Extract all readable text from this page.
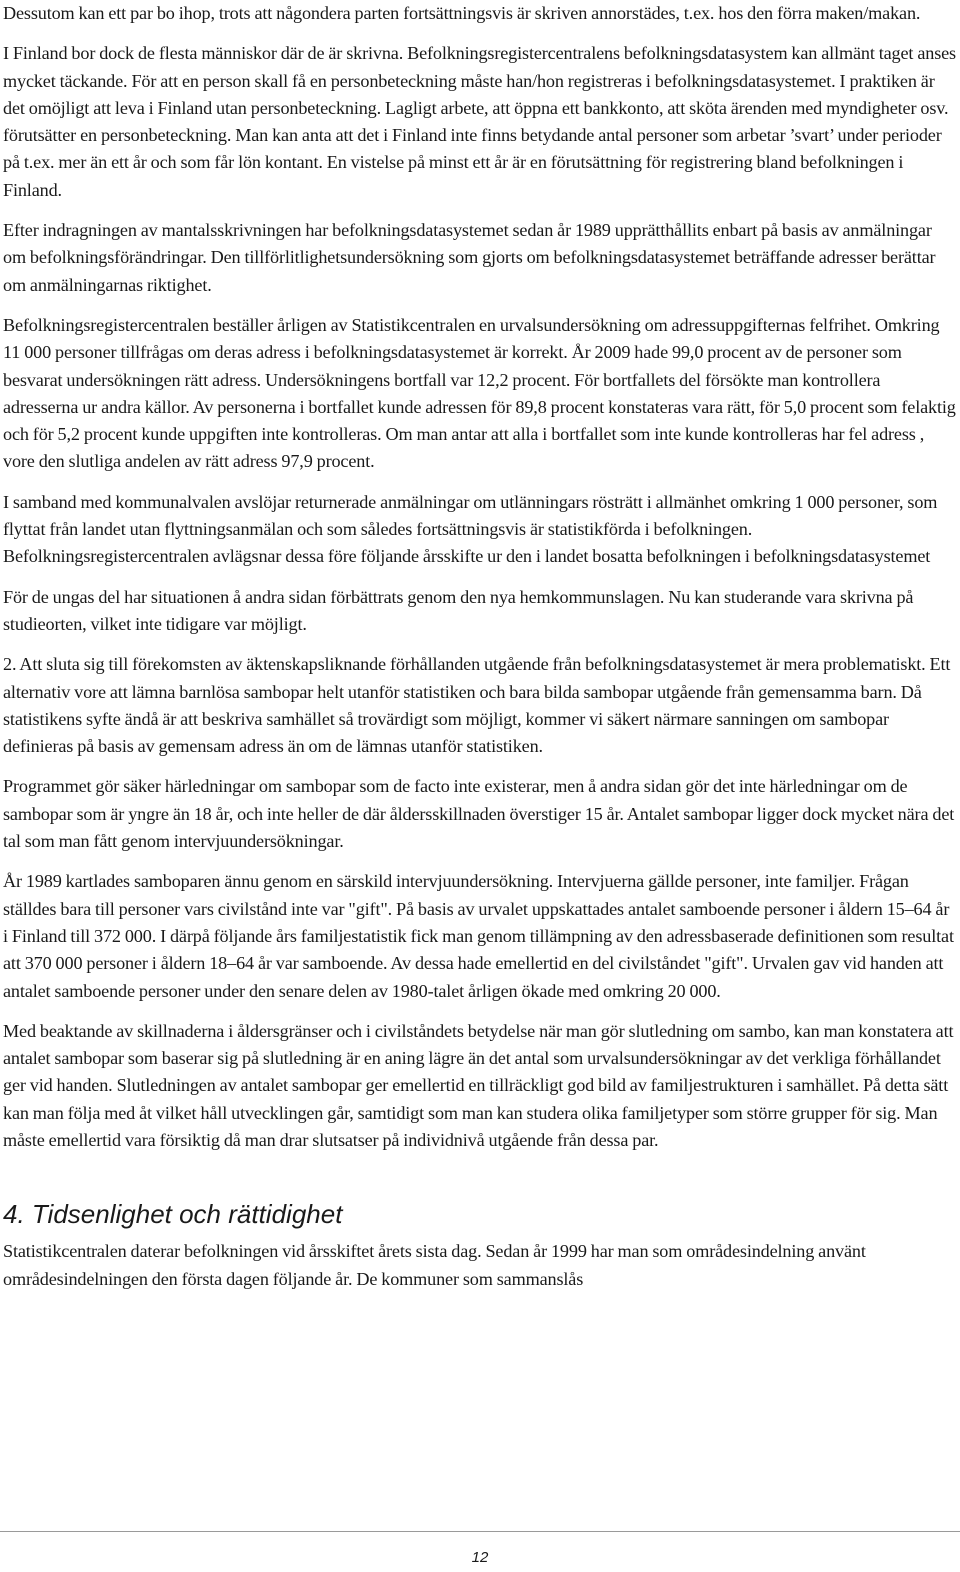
Dessutom kan ett par bo ihop, trots att någondera parten fortsättningsvis är skriven annorstädes, t.ex. hos den förra maken/makan.

I Finland bor dock de flesta människor där de är skrivna. Befolkningsregistercentralens befolkningsdatasystem kan allmänt taget anses mycket täckande. För att en person skall få en personbeteckning måste han/hon registreras i befolkningsdatasystemet. I praktiken är det omöjligt att leva i Finland utan personbeteckning. Lagligt arbete, att öppna ett bankkonto, att sköta ärenden med myndigheter osv. förutsätter en personbeteckning. Man kan anta att det i Finland inte finns betydande antal personer som arbetar ’svart’ under perioder på t.ex. mer än ett år och som får lön kontant. En vistelse på minst ett år är en förutsättning för registrering bland befolkningen i Finland.

Efter indragningen av mantalsskrivningen har befolkningsdatasystemet sedan år 1989 upprätthållits enbart på basis av anmälningar om befolkningsförändringar. Den tillförlitlighetsundersökning som gjorts om befolkningsdatasystemet beträffande adresser berättar om anmälningarnas riktighet.

Befolkningsregistercentralen beställer årligen av Statistikcentralen en urvalsundersökning om adressuppgifternas felfrihet. Omkring 11 000 personer tillfrågas om deras adress i befolkningsdatasystemet är korrekt. År 2009 hade 99,0 procent av de personer som besvarat undersökningen rätt adress. Undersökningens bortfall var 12,2 procent. För bortfallets del försökte man kontrollera adresserna ur andra källor. Av personerna i bortfallet kunde adressen för 89,8 procent konstateras vara rätt, för 5,0 procent som felaktig och för 5,2 procent kunde uppgiften inte kontrolleras. Om man antar att alla i bortfallet som inte kunde kontrolleras har fel adress , vore den slutliga andelen av rätt adress 97,9 procent.

I samband med kommunalvalen avslöjar returnerade anmälningar om utlänningars rösträtt i allmänhet omkring 1 000 personer, som flyttat från landet utan flyttningsanmälan och som således fortsättningsvis är statistikförda i befolkningen. Befolkningsregistercentralen avlägsnar dessa före följande årsskifte ur den i landet bosatta befolkningen i befolkningsdatasystemet

För de ungas del har situationen å andra sidan förbättrats genom den nya hemkommunslagen. Nu kan studerande vara skrivna på studieorten, vilket inte tidigare var möjligt.

2. Att sluta sig till förekomsten av äktenskapsliknande förhållanden utgående från befolkningsdatasystemet är mera problematiskt. Ett alternativ vore att lämna barnlösa sambopar helt utanför statistiken och bara bilda sambopar utgående från gemensamma barn. Då statistikens syfte ändå är att beskriva samhället så trovärdigt som möjligt, kommer vi säkert närmare sanningen om sambopar definieras på basis av gemensam adress än om de lämnas utanför statistiken.

Programmet gör säker härledningar om sambopar som de facto inte existerar, men å andra sidan gör det inte härledningar om de sambopar som är yngre än 18 år, och inte heller de där åldersskillnaden överstiger 15 år. Antalet sambopar ligger dock mycket nära det tal som man fått genom intervjuundersökningar.

År 1989 kartlades samboparen ännu genom en särskild intervjuundersökning. Intervjuerna gällde personer, inte familjer. Frågan ställdes bara till personer vars civilstånd inte var "gift". På basis av urvalet uppskattades antalet samboende personer i åldern 15–64 år i Finland till 372 000. I därpå följande års familjestatistik fick man genom tillämpning av den adressbaserade definitionen som resultat att 370 000 personer i åldern 18–64 år var samboende. Av dessa hade emellertid en del civilståndet "gift". Urvalen gav vid handen att antalet samboende personer under den senare delen av 1980-talet årligen ökade med omkring 20 000.

Med beaktande av skillnaderna i åldersgränser och i civilståndets betydelse när man gör slutledning om sambo, kan man konstatera att antalet sambopar som baserar sig på slutledning är en aning lägre än det antal som urvalsundersökningar av det verkliga förhållandet ger vid handen. Slutledningen av antalet sambopar ger emellertid en tillräckligt god bild av familjestrukturen i samhället. På detta sätt kan man följa med åt vilket håll utvecklingen går, samtidigt som man kan studera olika familjetyper som större grupper för sig. Man måste emellertid vara försiktig då man drar slutsatser på individnivå utgående från dessa par.

4. Tidsenlighet och rättidighet

Statistikcentralen daterar befolkningen vid årsskiftet årets sista dag. Sedan år 1999 har man som områdesindelning använt områdesindelningen den första dagen följande år. De kommuner som sammanslås

12
